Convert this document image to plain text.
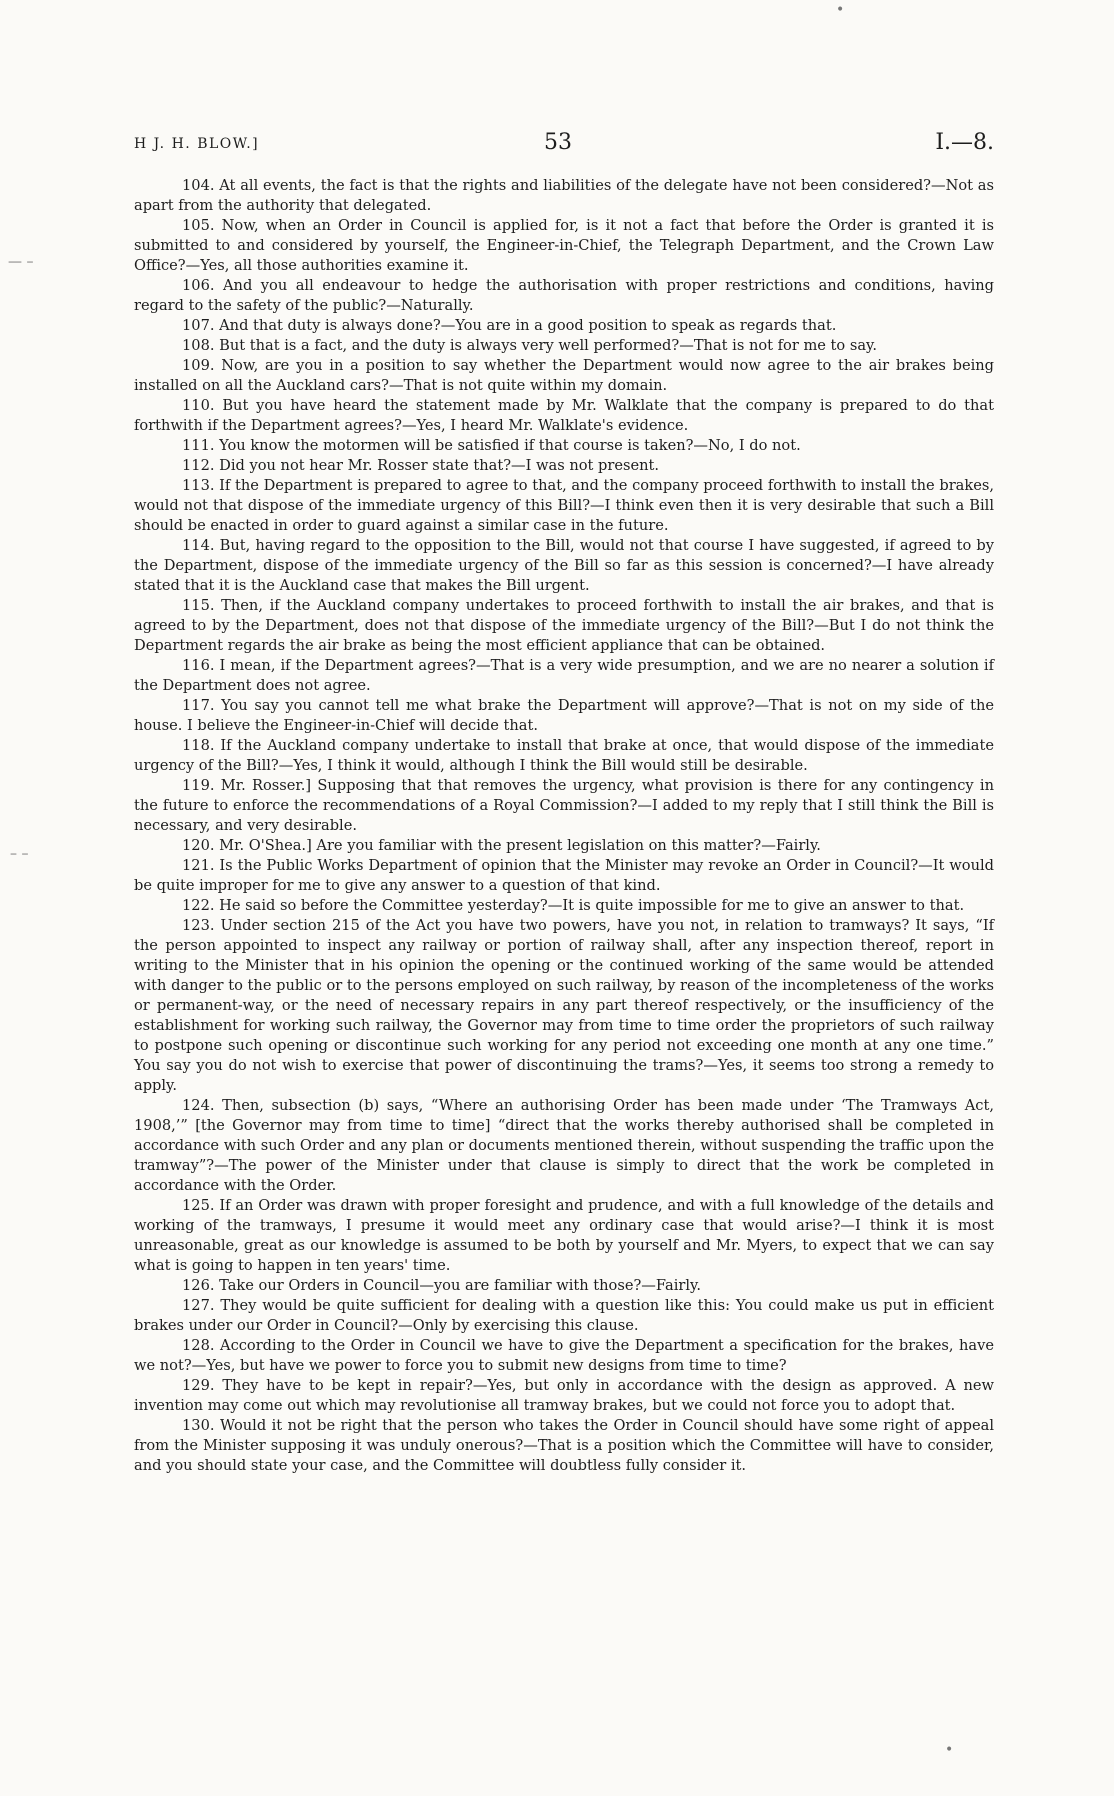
H J. H. BLOW.]	53	I.—8.

104. At all events, the fact is that the rights and liabilities of the delegate have not been considered?—Not as apart from the authority that delegated.

105. Now, when an Order in Council is applied for, is it not a fact that before the Order is granted it is submitted to and considered by yourself, the Engineer-in-Chief, the Telegraph Department, and the Crown Law Office?—Yes, all those authorities examine it.

106. And you all endeavour to hedge the authorisation with proper restrictions and conditions, having regard to the safety of the public?—Naturally.

107. And that duty is always done?—You are in a good position to speak as regards that.

108. But that is a fact, and the duty is always very well performed?—That is not for me to say.

109. Now, are you in a position to say whether the Department would now agree to the air brakes being installed on all the Auckland cars?—That is not quite within my domain.

110. But you have heard the statement made by Mr. Walklate that the company is prepared to do that forthwith if the Department agrees?—Yes, I heard Mr. Walklate's evidence.

111. You know the motormen will be satisfied if that course is taken?—No, I do not.

112. Did you not hear Mr. Rosser state that?—I was not present.

113. If the Department is prepared to agree to that, and the company proceed forthwith to install the brakes, would not that dispose of the immediate urgency of this Bill?—I think even then it is very desirable that such a Bill should be enacted in order to guard against a similar case in the future.

114. But, having regard to the opposition to the Bill, would not that course I have suggested, if agreed to by the Department, dispose of the immediate urgency of the Bill so far as this session is concerned?—I have already stated that it is the Auckland case that makes the Bill urgent.

115. Then, if the Auckland company undertakes to proceed forthwith to install the air brakes, and that is agreed to by the Department, does not that dispose of the immediate urgency of the Bill?—But I do not think the Department regards the air brake as being the most efficient appliance that can be obtained.

116. I mean, if the Department agrees?—That is a very wide presumption, and we are no nearer a solution if the Department does not agree.

117. You say you cannot tell me what brake the Department will approve?—That is not on my side of the house. I believe the Engineer-in-Chief will decide that.

118. If the Auckland company undertake to install that brake at once, that would dispose of the immediate urgency of the Bill?—Yes, I think it would, although I think the Bill would still be desirable.

119. Mr. Rosser.] Supposing that that removes the urgency, what provision is there for any contingency in the future to enforce the recommendations of a Royal Commission?—I added to my reply that I still think the Bill is necessary, and very desirable.

120. Mr. O'Shea.] Are you familiar with the present legislation on this matter?—Fairly.

121. Is the Public Works Department of opinion that the Minister may revoke an Order in Council?—It would be quite improper for me to give any answer to a question of that kind.

122. He said so before the Committee yesterday?—It is quite impossible for me to give an answer to that.

123. Under section 215 of the Act you have two powers, have you not, in relation to tramways? It says, “If the person appointed to inspect any railway or portion of railway shall, after any inspection thereof, report in writing to the Minister that in his opinion the opening or the continued working of the same would be attended with danger to the public or to the persons employed on such railway, by reason of the incompleteness of the works or permanent-way, or the need of necessary repairs in any part thereof respectively, or the insufficiency of the establishment for working such railway, the Governor may from time to time order the proprietors of such railway to postpone such opening or discontinue such working for any period not exceeding one month at any one time.” You say you do not wish to exercise that power of discontinuing the trams?—Yes, it seems too strong a remedy to apply.

124. Then, subsection (b) says, “Where an authorising Order has been made under ‘The Tramways Act, 1908,’” [the Governor may from time to time] “direct that the works thereby authorised shall be completed in accordance with such Order and any plan or documents mentioned therein, without suspending the traffic upon the tramway”?—The power of the Minister under that clause is simply to direct that the work be completed in accordance with the Order.

125. If an Order was drawn with proper foresight and prudence, and with a full knowledge of the details and working of the tramways, I presume it would meet any ordinary case that would arise?—I think it is most unreasonable, great as our knowledge is assumed to be both by yourself and Mr. Myers, to expect that we can say what is going to happen in ten years' time.

126. Take our Orders in Council—you are familiar with those?—Fairly.

127. They would be quite sufficient for dealing with a question like this: You could make us put in efficient brakes under our Order in Council?—Only by exercising this clause.

128. According to the Order in Council we have to give the Department a specification for the brakes, have we not?—Yes, but have we power to force you to submit new designs from time to time?

129. They have to be kept in repair?—Yes, but only in accordance with the design as approved. A new invention may come out which may revolutionise all tramway brakes, but we could not force you to adopt that.

130. Would it not be right that the person who takes the Order in Council should have some right of appeal from the Minister supposing it was unduly onerous?—That is a position which the Committee will have to consider, and you should state your case, and the Committee will doubtless fully consider it.

•
— –
– –
•
